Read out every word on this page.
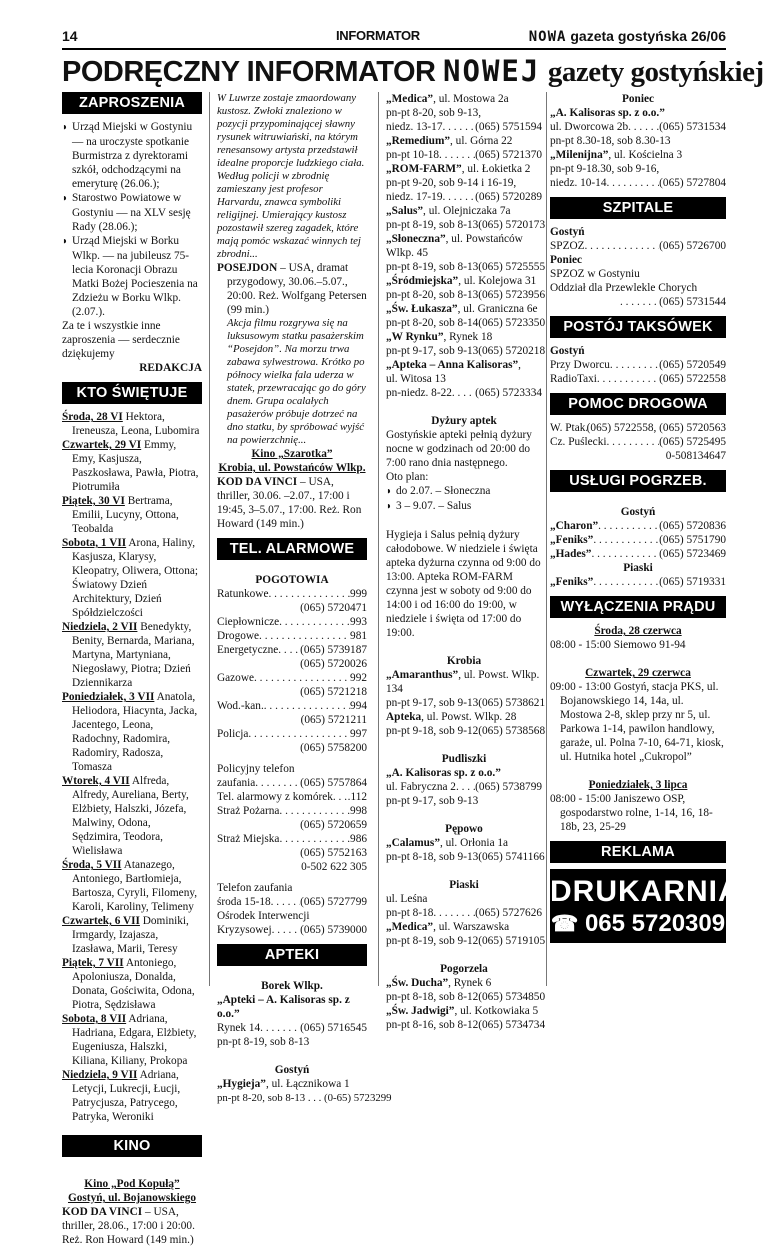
14	INFORMATOR	NOWA gazeta gostyńska 26/06
PODRĘCZNY INFORMATOR NOWEJ gazety gostyńskiej
ZAPROSZENIA
◗ Urząd Miejski w Gostyniu — na uroczyste spotkanie Burmistrza z dyrektorami szkół, odchodzącymi na emeryturę (26.06.);
◗ Starostwo Powiatowe w Gostyniu — na XLV sesję Rady (28.06.);
◗ Urząd Miejski w Borku Wlkp. — na jubileusz 75-lecia Koronacji Obrazu Matki Bożej Pocieszenia na Zdzieżu w Borku Wlkp. (2.07.).
Za te i wszystkie inne zaproszenia — serdecznie dziękujemy
REDAKCJA
KTO ŚWIĘTUJE
Środa, 28 VI Hektora, Ireneusza, Leona, Lubomira
Czwartek, 29 VI Emmy, Emy, Kasjusza, Paszkosława, Pawła, Piotra, Piotrumiła
Piątek, 30 VI Bertrama, Emilii, Lucyny, Ottona, Teobalda
Sobota, 1 VII Arona, Haliny, Kasjusza, Klarysy, Kleopatry, Oliwera, Ottona; Światowy Dzień Architektury, Dzień Spółdzielczości
Niedziela, 2 VII Benedykty, Benity, Bernarda, Mariana, Martyna, Martyniana, Niegosławy, Piotra; Dzień Dziennikarza
Poniedziałek, 3 VII Anatola, Heliodora, Hiacynta, Jacka, Jacentego, Leona, Radochny, Radomira, Radomiry, Radosza, Tomasza
Wtorek, 4 VII Alfreda, Alfredy, Aureliana, Berty, Elżbiety, Halszki, Józefa, Malwiny, Odona, Sędzimira, Teodora, Wielisława
Środa, 5 VII Atanazego, Antoniego, Bartłomieja, Bartosza, Cyryli, Filomeny, Karoli, Karoliny, Telimeny
Czwartek, 6 VII Dominiki, Irmgardy, Izajasza, Izasława, Marii, Teresy
Piątek, 7 VII Antoniego, Apoloniusza, Donalda, Donata, Gościwita, Odona, Piotra, Sędzisława
Sobota, 8 VII Adriana, Hadriana, Edgara, Elżbiety, Eugeniusza, Halszki, Kiliana, Kiliany, Prokopa
Niedziela, 9 VII Adriana, Letycji, Lukrecji, Łucji, Patrycjusza, Patrycego, Patryka, Weroniki
KINO
Kino „Pod Kopułą”
Gostyń, ul. Bojanowskiego
KOD DA VINCI – USA, thriller, 28.06., 17:00 i 20:00. Reż. Ron Howard (149 min.)
W Luwrze zostaje zmaordowany kustosz. Zwłoki znaleziono w pozycji przypominającej sławny rysunek witruwiański, na którym renesansowy artysta przedstawił idealne proporcje ludzkiego ciała. Według policji w zbrodnię zamieszany jest profesor Harvardu, znawca symboliki religijnej. Umierający kustosz pozostawił szereg zagadek, które mają pomóc wskazać winnych tej zbrodni...
POSEJDON – USA, dramat przygodowy, 30.06.–5.07., 20:00. Reż. Wolfgang Petersen (99 min.)
Akcja filmu rozgrywa się na luksusowym statku pasażerskim “Posejdon”. Na morzu trwa zabawa sylwestrowa. Krótko po północy wielka fala uderza w statek, przewracając go do góry dnem. Grupa ocalałych pasażerów próbuje dotrzeć na dno statku, by spróbować wyjść na powierzchnię...
Kino „Szarotka”
Krobia, ul. Powstańców Wlkp.
KOD DA VINCI – USA, thriller, 30.06. –2.07., 17:00 i 19:45, 3–5.07., 17:00. Reż. Ron Howard (149 min.)
TEL. ALARMOWE
POGOTOWIA
Ratunkowe . . .	999
(065) 5720471
Ciepłownicze . . .	993
Drogowe . . .	981
Energetyczne . . . (065) 5739187
(065) 5720026
Gazowe . . .	992
(065) 5721218
Wod.-kan. . . .	994
(065) 5721211
Policja . . .	997
(065) 5758200
Policyjny telefon
zaufania . . .	(065) 5757864
Tel. alarmowy z komórek . . . .112
Straż Pożarna . . .	998
(065) 5720659
Straż Miejska . . .	986
(065) 5752163
0-502 622 305
Telefon zaufania
środa 15-18 . . .	(065) 5727799
Ośrodek Interwencji
Kryzysowej . . .	(065) 5739000
APTEKI
Borek Wlkp.
„Apteki – A. Kalisoras sp. z o.o.”
Rynek 14 . . .	(065) 5716545
pn-pt 8-19, sob 8-13
Gostyń
„Hygieja”, ul. Łącznikowa 1
pn-pt 8-20, sob 8-13 . . . (0-65) 5723299
„Medica”, ul. Mostowa 2a
pn-pt 8-20, sob 9-13,
niedz. 13-17 . . .	(065) 5751594
„Remedium”, ul. Górna 22
pn-pt 10-18 . . .	(065) 5721370
„ROM-FARM”, ul. Łokietka 2
pn-pt 9-20, sob 9-14 i 16-19,
niedz. 17-19 . . .	(065) 5720289
„Salus”, ul. Olejniczaka 7a
pn-pt 8-19, sob 8-13 (065) 5720173
„Słoneczna”, ul. Powstańców Wlkp. 45
pn-pt 8-19, sob 8-13 (065) 5725555
„Śródmiejska”, ul. Kolejowa 31
pn-pt 8-20, sob 8-13 (065) 5723956
„Św. Łukasza”, ul. Graniczna 6e
pn-pt 8-20, sob 8-14 (065) 5723350
„W Rynku”, Rynek 18
pn-pt 9-17, sob 9-13 (065) 5720218
„Apteka – Anna Kalisoras”,
ul. Witosa 13
pn-niedz. 8-22 . . . (065) 5723334
Dyżury aptek
Gostyńskie apteki pełnią dyżury nocne w godzinach od 20:00 do 7:00 rano dnia następnego.
Oto plan:
◗ do 2.07. – Słoneczna
◗ 3 – 9.07. – Salus
Hygieja i Salus pełnią dyżury całodobowe. W niedziele i święta apteka dyżurna czynna od 9:00 do 13:00. Apteka ROM-FARM czynna jest w soboty od 9:00 do 14:00 i od 16:00 do 19:00, w niedziele i święta od 17:00 do 19:00.
Krobia
„Amaranthus”, ul. Powst. Wlkp. 134
pn-pt 9-17, sob 9-13 (065) 5738621
Apteka, ul. Powst. Wlkp. 28
pn-pt 9-18, sob 9-12 (065) 5738568
Pudliszki
„A. Kalisoras sp. z o.o.”
ul. Fabryczna 2 . . . (065) 5738799
pn-pt 9-17, sob 9-13
Pępowo
„Calamus”, ul. Orłonia 1a
pn-pt 8-18, sob 9-13 (065) 5741166
Piaski
ul. Leśna
pn-pt 8-18 . . .	(065) 5727626
„Medica”, ul. Warszawska
pn-pt 8-19, sob 9-12 (065) 5719105
Pogorzela
„Św. Ducha”, Rynek 6
pn-pt 8-18, sob 8-12 (065) 5734850
„Św. Jadwigi”, ul. Kotkowiaka 5
pn-pt 8-16, sob 8-12 (065) 5734734
Poniec
„A. Kalisoras sp. z o.o.”
ul. Dworcowa 2b . . .	(065) 5731534
pn-pt 8.30-18, sob 8.30-13
„Milenijna”, ul. Kościelna 3
pn-pt 9-18.30, sob 9-16,
niedz. 10-14 . . .	(065) 5727804
SZPITALE
Gostyń
SPZOZ . . .	(065) 5726700
Poniec
SPZOZ w Gostyniu
Oddział dla Przewlekle Chorych
. . .
(065) 5731544
POSTÓJ TAKSÓWEK
Gostyń
Przy Dworcu . . .	(065) 5720549
RadioTaxi . . .	(065) 5722558
POMOC DROGOWA
W. Ptak . . . (065) 5722558, (065) 5720563
Cz. Puślecki . . .	(065) 5725495
0-508134647
USŁUGI POGRZEB.
Gostyń
„Charon” . . .	(065) 5720836
„Feniks” . . .	(065) 5751790
„Hades” . . .	(065) 5723469
Piaski
„Feniks” . . .	(065) 5719331
WYŁĄCZENIA PRĄDU
Środa, 28 czerwca
08:00 - 15:00 Siemowo 91-94
Czwartek, 29 czerwca
09:00 - 13:00 Gostyń, stacja PKS, ul. Bojanowskiego 14, 14a, ul. Mostowa 2-8, sklep przy nr 5, ul. Parkowa 1-14, pawilon handlowy, garaże, ul. Polna 7-10, 64-71, kiosk, ul. Hutnika hotel „Cukropol”
Poniedziałek, 3 lipca
08:00 - 15:00 Janiszewo OSP, gospodarstwo rolne, 1-14, 16, 18-18b, 23, 25-29
REKLAMA
DRUKARNIA
☎ 065 5720309
